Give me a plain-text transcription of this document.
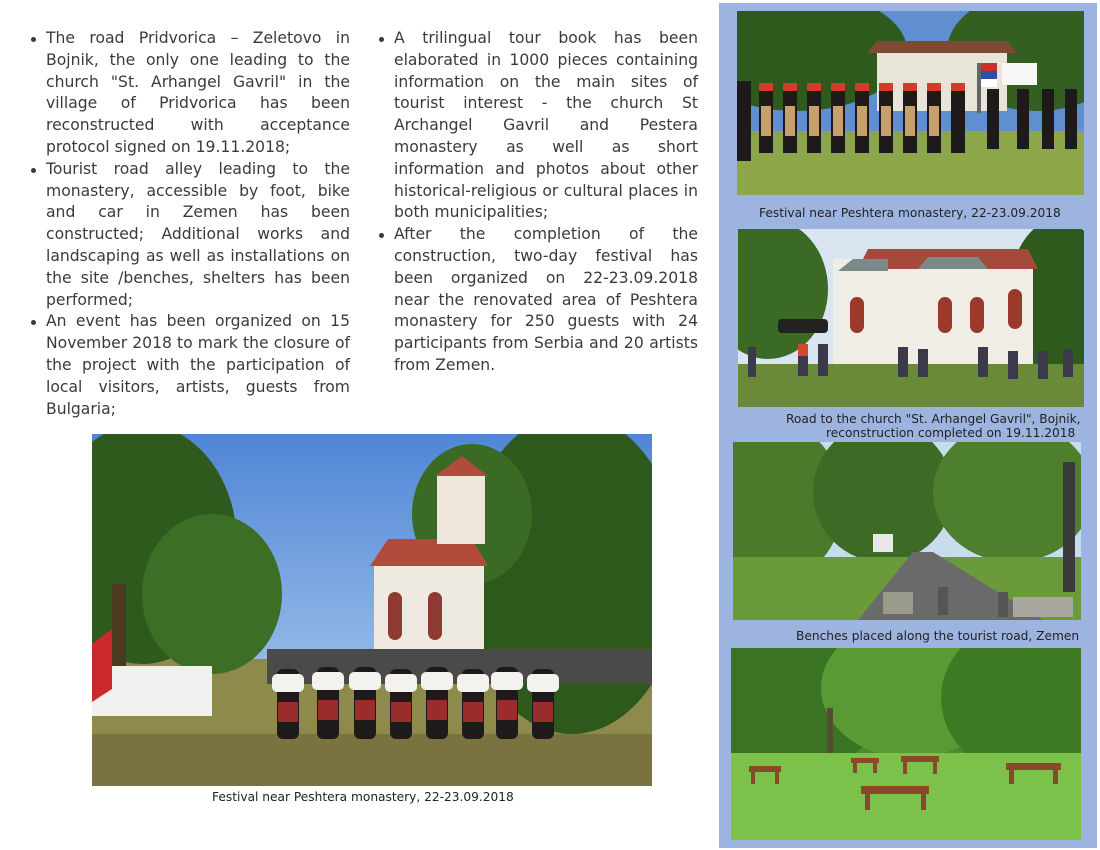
The road Pridvorica – Zeletovo in Bojnik, the only one leading to the church "St. Arhangel Gavril" in the village of Pridvorica has been reconstructed with acceptance protocol signed on 19.11.2018;
Tourist road alley leading to the monastery, accessible by foot, bike and car in Zemen has been constructed; Additional works and landscaping as well as installations on the site /benches, shelters has been performed;
An event has been organized on 15 November 2018 to mark the closure of the project with the participation of local visitors, artists, guests from Bulgaria;
A trilingual tour book has been elaborated in 1000 pieces containing information on the main sites of tourist interest - the church St Archangel Gavril and Pestera monastery as well as short information and photos about other historical-religious or cultural places in both municipalities;
After the completion of the construction, two-day festival has been organized on 22-23.09.2018 near the renovated area of Peshtera monastery for 250 guests with 24 participants from Serbia and 20 artists from Zemen.
Festival near Peshtera monastery, 22-23.09.2018
Festival near Peshtera monastery, 22-23.09.2018
Road to the church "St. Arhangel Gavril", Bojnik,
reconstruction completed on 19.11.2018
Benches placed along the tourist road, Zemen
